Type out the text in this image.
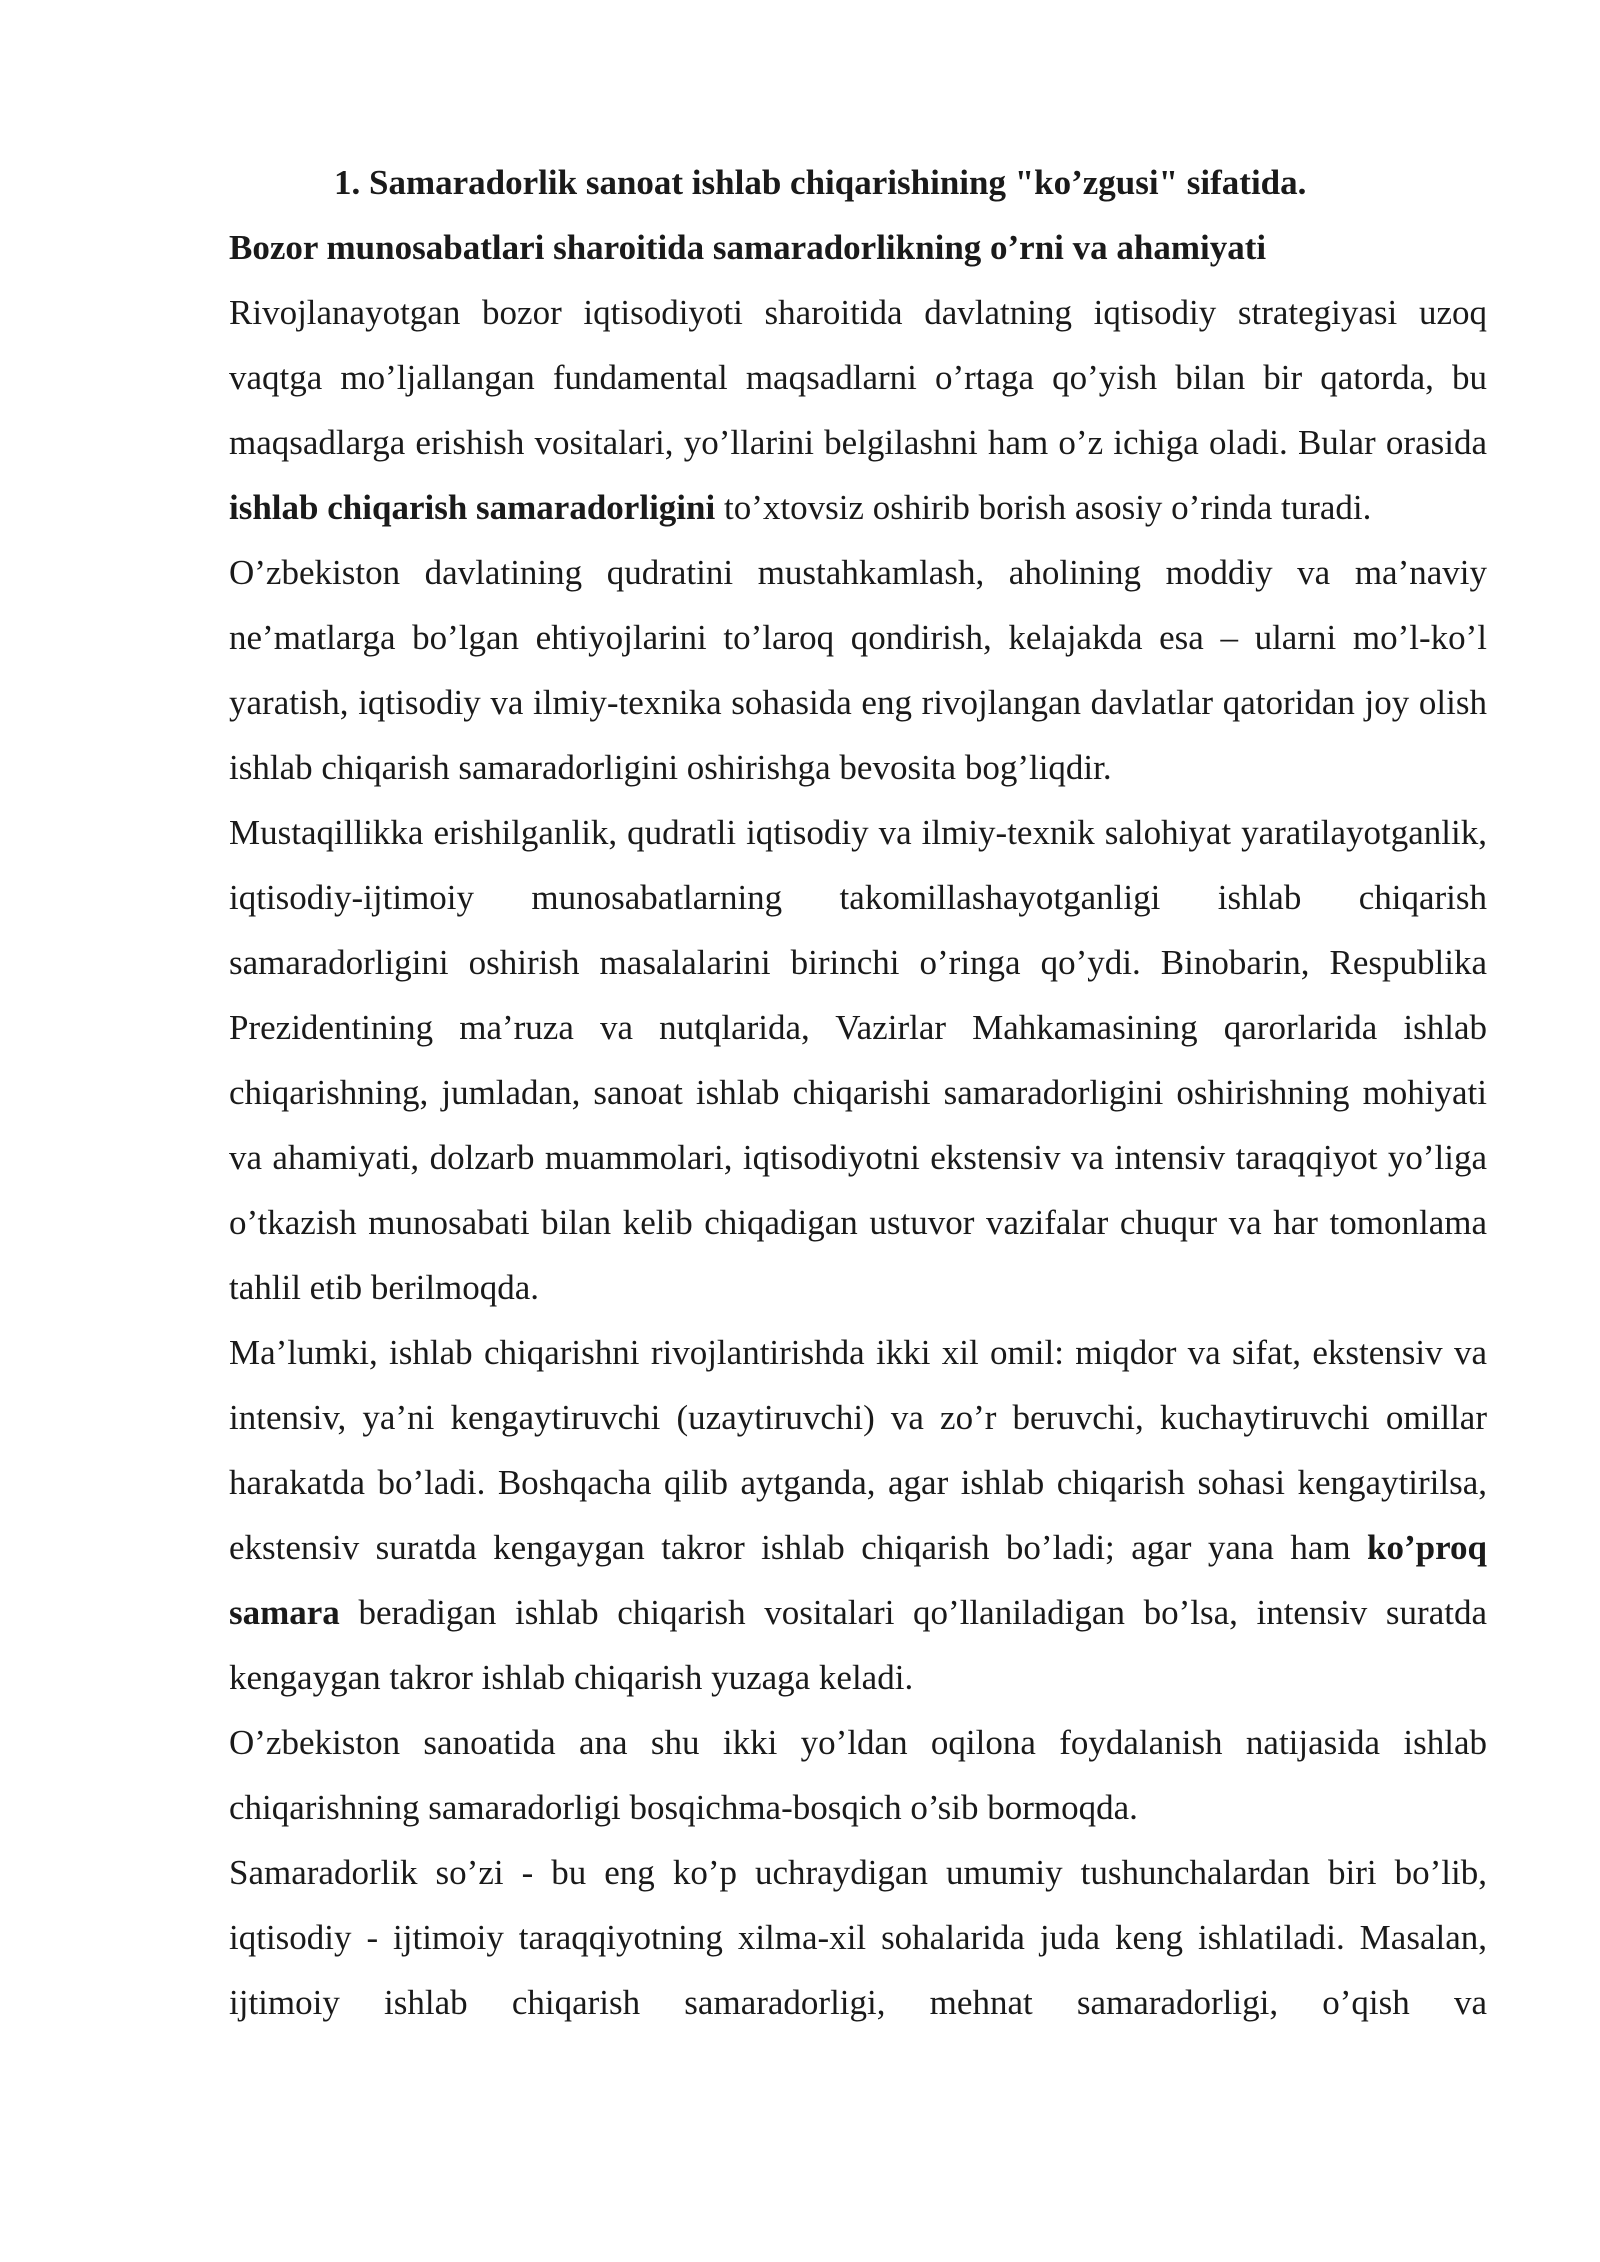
1. Samaradorlik sanoat ishlab chiqarishining "ko’zgusi" sifatida.

Bozor munosabatlari sharoitida samaradorlikning o’rni va ahamiyati

Rivojlanayotgan bozor iqtisodiyoti sharoitida davlatning iqtisodiy strategiyasi uzoq vaqtga mo’ljallangan fundamental maqsadlarni o’rtaga qo’yish bilan bir qatorda, bu maqsadlarga erishish vositalari, yo’llarini belgilashni ham o’z ichiga oladi. Bular orasida ishlab chiqarish samaradorligini to’xtovsiz oshirib borish asosiy o’rinda turadi.

O’zbekiston davlatining qudratini mustahkamlash, aholining moddiy va ma’naviy ne’matlarga bo’lgan ehtiyojlarini to’laroq qondirish, kelajakda esa – ularni mo’l-ko’l yaratish, iqtisodiy va ilmiy-texnika sohasida eng rivojlangan davlatlar qatoridan joy olish ishlab chiqarish samaradorligini oshirishga bevosita bog’liqdir.

Mustaqillikka erishilganlik, qudratli iqtisodiy va ilmiy-texnik salohiyat yaratilayotganlik, iqtisodiy-ijtimoiy munosabatlarning takomillashayotganligi ishlab chiqarish samaradorligini oshirish masalalarini birinchi o’ringa qo’ydi. Binobarin, Respublika Prezidentining ma’ruza va nutqlarida, Vazirlar Mahkamasining qarorlarida ishlab chiqarishning, jumladan, sanoat ishlab chiqarishi samaradorligini oshirishning mohiyati va ahamiyati, dolzarb muammolari, iqtisodiyotni ekstensiv va intensiv taraqqiyot yo’liga o’tkazish munosabati bilan kelib chiqadigan ustuvor vazifalar chuqur va har tomonlama tahlil etib berilmoqda.

Ma’lumki, ishlab chiqarishni rivojlantirishda ikki xil omil: miqdor va sifat, ekstensiv va intensiv, ya’ni kengaytiruvchi (uzaytiruvchi) va zo’r beruvchi, kuchaytiruvchi omillar harakatda bo’ladi. Boshqacha qilib aytganda, agar ishlab chiqarish sohasi kengaytirilsa, ekstensiv suratda kengaygan takror ishlab chiqarish bo’ladi; agar yana ham ko’proq samara beradigan ishlab chiqarish vositalari qo’llaniladigan bo’lsa, intensiv suratda kengaygan takror ishlab chiqarish yuzaga keladi.

O’zbekiston sanoatida ana shu ikki yo’ldan oqilona foydalanish natijasida ishlab chiqarishning samaradorligi bosqichma-bosqich o’sib bormoqda.

Samaradorlik so’zi - bu eng ko’p uchraydigan umumiy tushunchalardan biri bo’lib, iqtisodiy - ijtimoiy taraqqiyotning xilma-xil sohalarida juda keng ishlatiladi. Masalan, ijtimoiy ishlab chiqarish samaradorligi, mehnat samaradorligi, o’qish va
